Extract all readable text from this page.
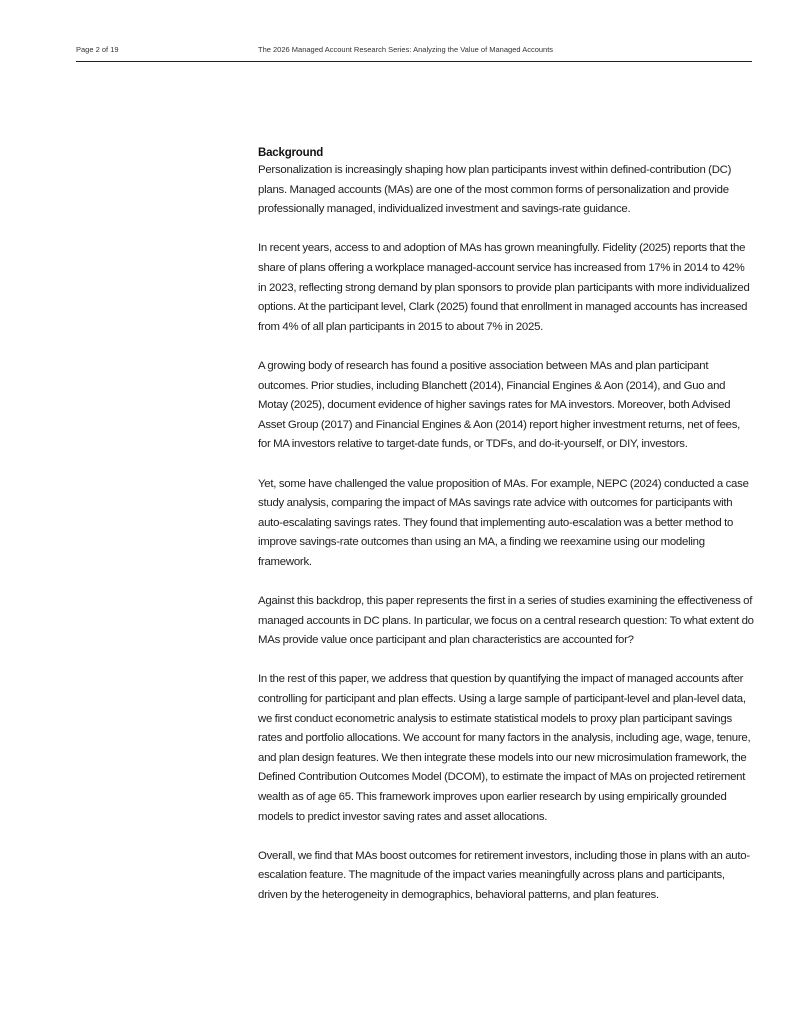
Page 2 of 19	The 2026 Managed Account Research Series: Analyzing the Value of Managed Accounts
Background

Personalization is increasingly shaping how plan participants invest within defined-contribution (DC) plans. Managed accounts (MAs) are one of the most common forms of personalization and provide professionally managed, individualized investment and savings-rate guidance.

In recent years, access to and adoption of MAs has grown meaningfully. Fidelity (2025) reports that the share of plans offering a workplace managed-account service has increased from 17% in 2014 to 42% in 2023, reflecting strong demand by plan sponsors to provide plan participants with more individualized options. At the participant level, Clark (2025) found that enrollment in managed accounts has increased from 4% of all plan participants in 2015 to about 7% in 2025.

A growing body of research has found a positive association between MAs and plan participant outcomes. Prior studies, including Blanchett (2014), Financial Engines & Aon (2014), and Guo and Motay (2025), document evidence of higher savings rates for MA investors. Moreover, both Advised Asset Group (2017) and Financial Engines & Aon (2014) report higher investment returns, net of fees, for MA investors relative to target-date funds, or TDFs, and do-it-yourself, or DIY, investors.

Yet, some have challenged the value proposition of MAs. For example, NEPC (2024) conducted a case study analysis, comparing the impact of MAs savings rate advice with outcomes for participants with auto-escalating savings rates. They found that implementing auto-escalation was a better method to improve savings-rate outcomes than using an MA, a finding we reexamine using our modeling framework.

Against this backdrop, this paper represents the first in a series of studies examining the effectiveness of managed accounts in DC plans. In particular, we focus on a central research question: To what extent do MAs provide value once participant and plan characteristics are accounted for?

In the rest of this paper, we address that question by quantifying the impact of managed accounts after controlling for participant and plan effects. Using a large sample of participant-level and plan-level data, we first conduct econometric analysis to estimate statistical models to proxy plan participant savings rates and portfolio allocations. We account for many factors in the analysis, including age, wage, tenure, and plan design features. We then integrate these models into our new microsimulation framework, the Defined Contribution Outcomes Model (DCOM), to estimate the impact of MAs on projected retirement wealth as of age 65. This framework improves upon earlier research by using empirically grounded models to predict investor saving rates and asset allocations.

Overall, we find that MAs boost outcomes for retirement investors, including those in plans with an auto-escalation feature. The magnitude of the impact varies meaningfully across plans and participants, driven by the heterogeneity in demographics, behavioral patterns, and plan features.
